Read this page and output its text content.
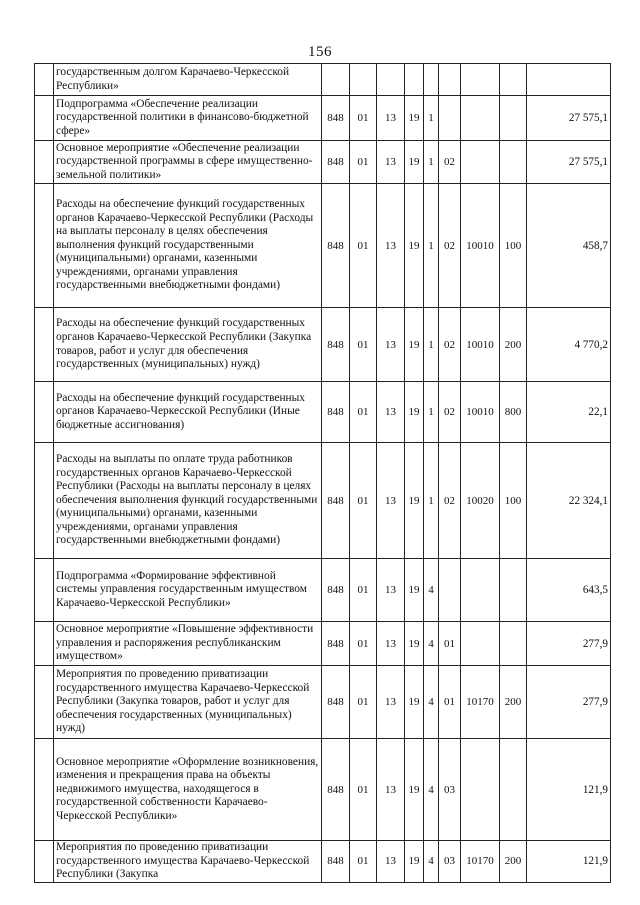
156
	государственным долгом Карачаево-Черкесской Республики»									
	Подпрограмма «Обеспечение реализации государственной политики в финансово-бюджетной сфере»	848	01	13	19	1				27 575,1
	Основное мероприятие «Обеспечение реализации государственной программы в сфере имущественно-земельной политики»	848	01	13	19	1	02			27 575,1
	Расходы на обеспечение функций государственных органов Карачаево-Черкесской Республики (Расходы на выплаты персоналу в целях обеспечения выполнения функций государственными (муниципальными) органами, казенными учреждениями, органами управления государственными внебюджетными фондами)	848	01	13	19	1	02	10010	100	458,7
	Расходы на обеспечение функций государственных органов Карачаево-Черкесской Республики (Закупка товаров, работ и услуг для обеспечения государственных (муниципальных) нужд)	848	01	13	19	1	02	10010	200	4 770,2
	Расходы на обеспечение функций государственных органов Карачаево-Черкесской Республики (Иные бюджетные ассигнования)	848	01	13	19	1	02	10010	800	22,1
	Расходы на выплаты по оплате труда работников государственных органов Карачаево-Черкесской Республики (Расходы на выплаты персоналу в целях обеспечения выполнения функций государственными (муниципальными) органами, казенными учреждениями, органами управления государственными внебюджетными фондами)	848	01	13	19	1	02	10020	100	22 324,1
	Подпрограмма «Формирование эффективной системы управления государственным имуществом Карачаево-Черкесской Республики»	848	01	13	19	4				643,5
	Основное мероприятие «Повышение эффективности управления и распоряжения республиканским имуществом»	848	01	13	19	4	01			277,9
	Мероприятия по проведению приватизации государственного имущества Карачаево-Черкесской Республики (Закупка товаров, работ и услуг для обеспечения государственных (муниципальных) нужд)	848	01	13	19	4	01	10170	200	277,9
	Основное мероприятие «Оформление возникновения, изменения и прекращения права на объекты недвижимого имущества, находящегося в государственной собственности Карачаево-Черкесской Республики»	848	01	13	19	4	03			121,9
	Мероприятия по проведению приватизации государственного имущества Карачаево-Черкесской Республики (Закупка	848	01	13	19	4	03	10170	200	121,9
